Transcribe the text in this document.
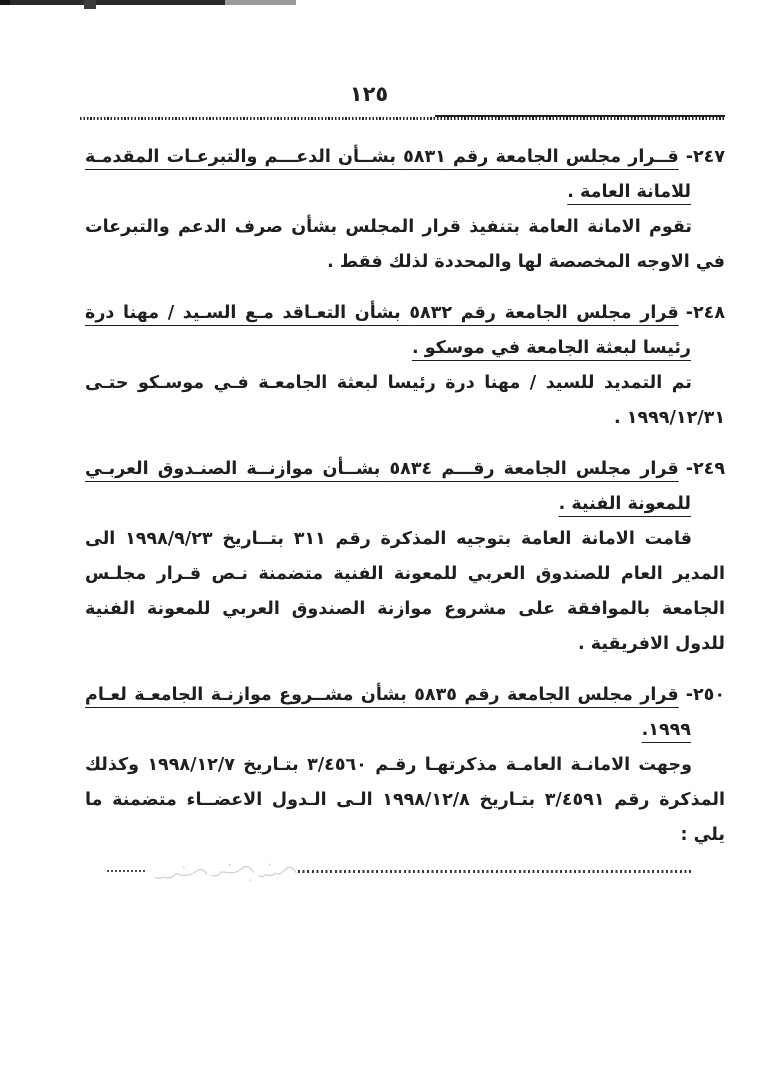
١٢٥
٢٤٧-قــرار مجلس الجامعة رقم ٥٨٣١ بشــأن الدعـــم والتبرعـات المقدمـة للامانة العامة .

تقوم الامانة العامة بتنفيذ قرار المجلس بشأن صرف الدعم والتبرعات في الاوجه المخصصة لها والمحددة لذلك فقط .

٢٤٨-قرار مجلس الجامعة رقم ٥٨٣٢ بشأن التعـاقد مـع السـيد / مهنا درة رئيسا لبعثة الجامعة في موسكو .

تم التمديد للسيد / مهنا درة رئيسا لبعثة الجامعـة فـي موسـكو حتـى ١٩٩٩/١٢/٣١ .

٢٤٩-قرار مجلس الجامعة رقـــم ٥٨٣٤ بشــأن موازنــة الصنـدوق العربـي للمعونة الفنية .

قامت الامانة العامة بتوجيه المذكرة رقم ٣١١ بتــاريخ ١٩٩٨/٩/٢٣ الى المدير العام للصندوق العربي للمعونة الفنية متضمنة نـص قـرار مجلـس الجامعة بالموافقة على مشروع موازنة الصندوق العربي للمعونة الفنية للدول الافريقية .

٢٥٠-قرار مجلس الجامعة رقم ٥٨٣٥ بشأن مشــروع موازنـة الجامعـة لعـام ١٩٩٩.

وجهت الامانـة العامـة مذكرتهـا رقـم ٣/٤٥٦٠ بتـاريخ ١٩٩٨/١٢/٧ وكذلك المذكرة رقم ٣/٤٥٩١ بتـاريخ ١٩٩٨/١٢/٨ الـى الـدول الاعضــاء متضمنة ما يلي :
